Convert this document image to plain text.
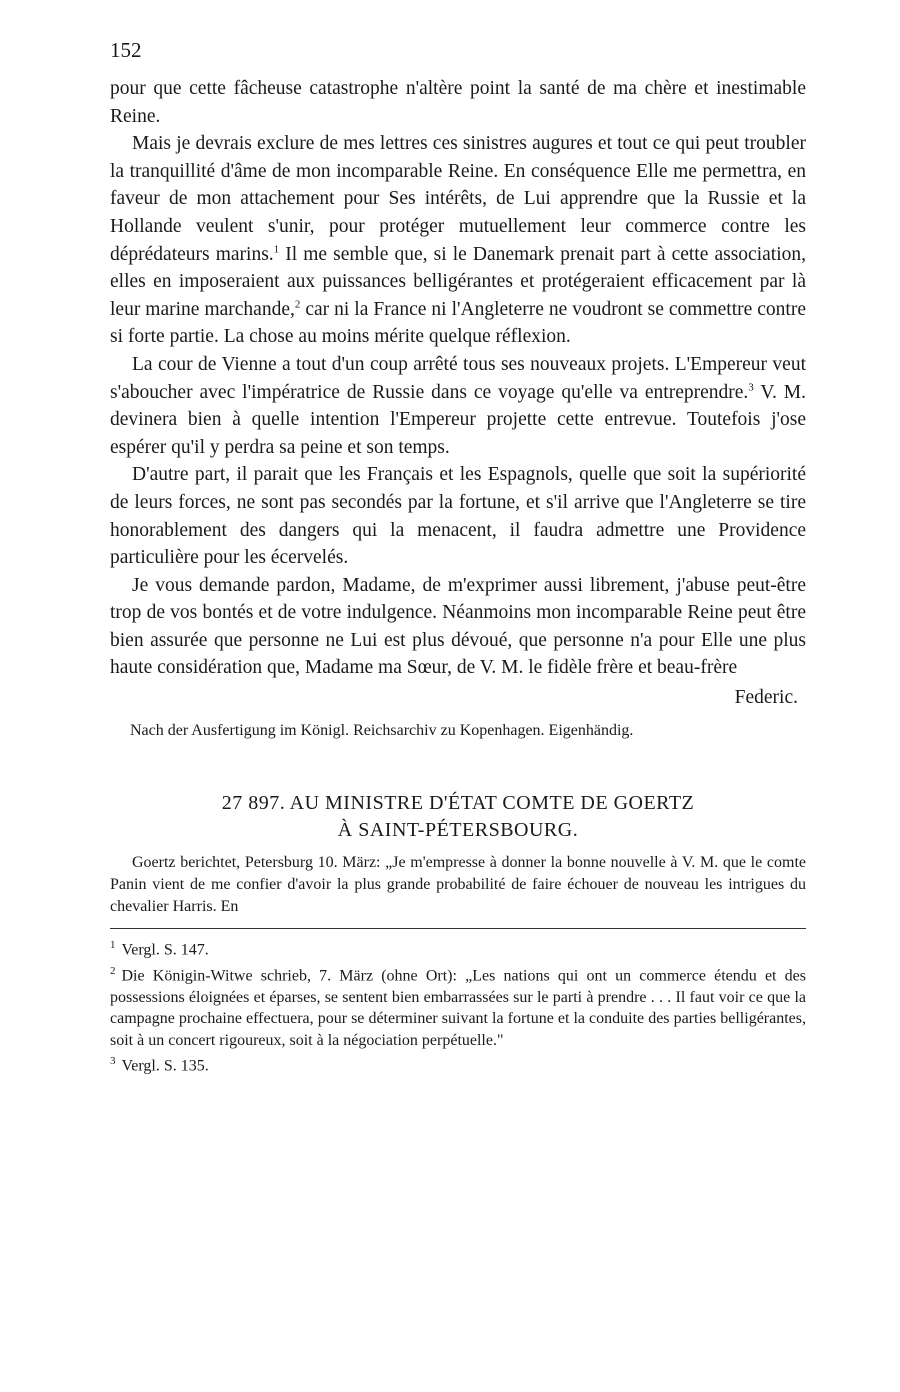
152

pour que cette fâcheuse catastrophe n'altère point la santé de ma chère et inestimable Reine.

Mais je devrais exclure de mes lettres ces sinistres augures et tout ce qui peut troubler la tranquillité d'âme de mon incomparable Reine. En conséquence Elle me permettra, en faveur de mon attachement pour Ses intérêts, de Lui apprendre que la Russie et la Hollande veulent s'unir, pour protéger mutuellement leur commerce contre les déprédateurs marins.$^1$ Il me semble que, si le Danemark prenait part à cette association, elles en imposeraient aux puissances belligérantes et protégeraient efficacement par là leur marine marchande,$^2$ car ni la France ni l'Angleterre ne voudront se commettre contre si forte partie. La chose au moins mérite quelque réflexion.

La cour de Vienne a tout d'un coup arrêté tous ses nouveaux projets. L'Empereur veut s'aboucher avec l'impératrice de Russie dans ce voyage qu'elle va entreprendre.$^3$ V. M. devinera bien à quelle intention l'Empereur projette cette entrevue. Toutefois j'ose espérer qu'il y perdra sa peine et son temps.

D'autre part, il parait que les Français et les Espagnols, quelle que soit la supériorité de leurs forces, ne sont pas secondés par la fortune, et s'il arrive que l'Angleterre se tire honorablement des dangers qui la menacent, il faudra admettre une Providence particulière pour les écervelés.

Je vous demande pardon, Madame, de m'exprimer aussi librement, j'abuse peut-être trop de vos bontés et de votre indulgence. Néanmoins mon incomparable Reine peut être bien assurée que personne ne Lui est plus dévoué, que personne n'a pour Elle une plus haute considération que, Madame ma Sœur, de V. M. le fidèle frère et beau-frère

Federic.
Nach der Ausfertigung im Königl. Reichsarchiv zu Kopenhagen. Eigenhändig.
27 897. AU MINISTRE D'ÉTAT COMTE DE GOERTZ
À SAINT-PÉTERSBOURG.

Goertz berichtet, Petersburg 10. März: „Je m'empresse à donner la bonne nouvelle à V. M. que le comte Panin vient de me confier d'avoir la plus grande probabilité de faire échouer de nouveau les intrigues du chevalier Harris. En

$^1$ Vergl. S. 147.

$^2$ Die Königin-Witwe schrieb, 7. März (ohne Ort): „Les nations qui ont un commerce étendu et des possessions éloignées et éparses, se sentent bien embarrassées sur le parti à prendre . . . Il faut voir ce que la campagne prochaine effectuera, pour se déterminer suivant la fortune et la conduite des parties belligérantes, soit à un concert rigoureux, soit à la négociation perpétuelle."

$^3$ Vergl. S. 135.
